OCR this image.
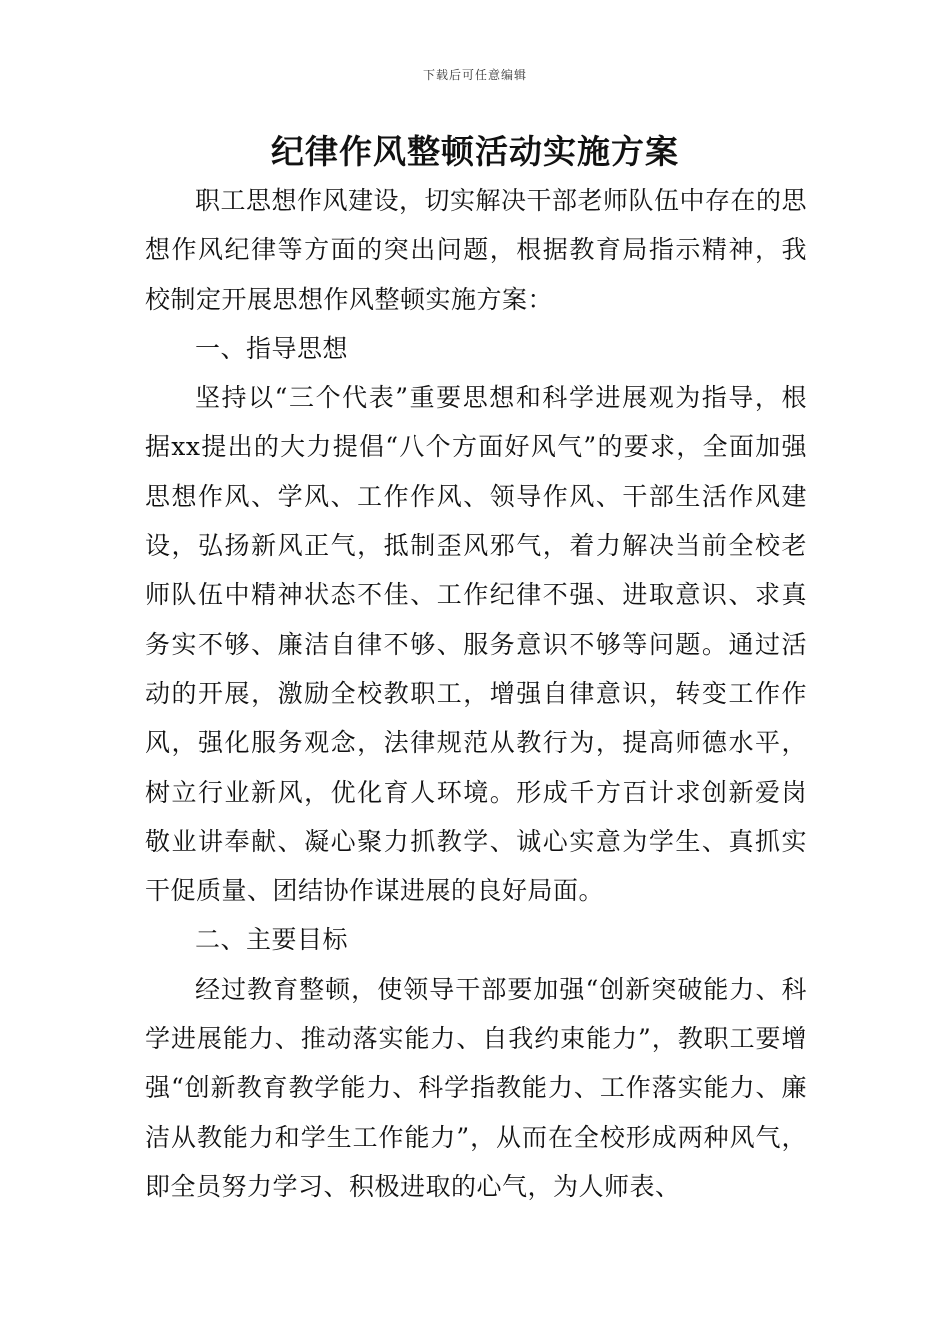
下载后可任意编辑
纪律作风整顿活动实施方案

职工思想作风建设，切实解决干部老师队伍中存在的思想作风纪律等方面的突出问题，根据教育局指示精神，我校制定开展思想作风整顿实施方案：

一、指导思想

坚持以“三个代表”重要思想和科学进展观为指导，根据xx提出的大力提倡“八个方面好风气”的要求，全面加强思想作风、学风、工作作风、领导作风、干部生活作风建设，弘扬新风正气，抵制歪风邪气，着力解决当前全校老师队伍中精神状态不佳、工作纪律不强、进取意识、求真务实不够、廉洁自律不够、服务意识不够等问题。通过活动的开展，激励全校教职工，增强自律意识，转变工作作风，强化服务观念，法律规范从教行为，提高师德水平，树立行业新风，优化育人环境。形成千方百计求创新爱岗敬业讲奉献、凝心聚力抓教学、诚心实意为学生、真抓实干促质量、团结协作谋进展的良好局面。

二、主要目标

经过教育整顿，使领导干部要加强“创新突破能力、科学进展能力、推动落实能力、自我约束能力”，教职工要增强“创新教育教学能力、科学指教能力、工作落实能力、廉洁从教能力和学生工作能力”，从而在全校形成两种风气，即全员努力学习、积极进取的心气，为人师表、
